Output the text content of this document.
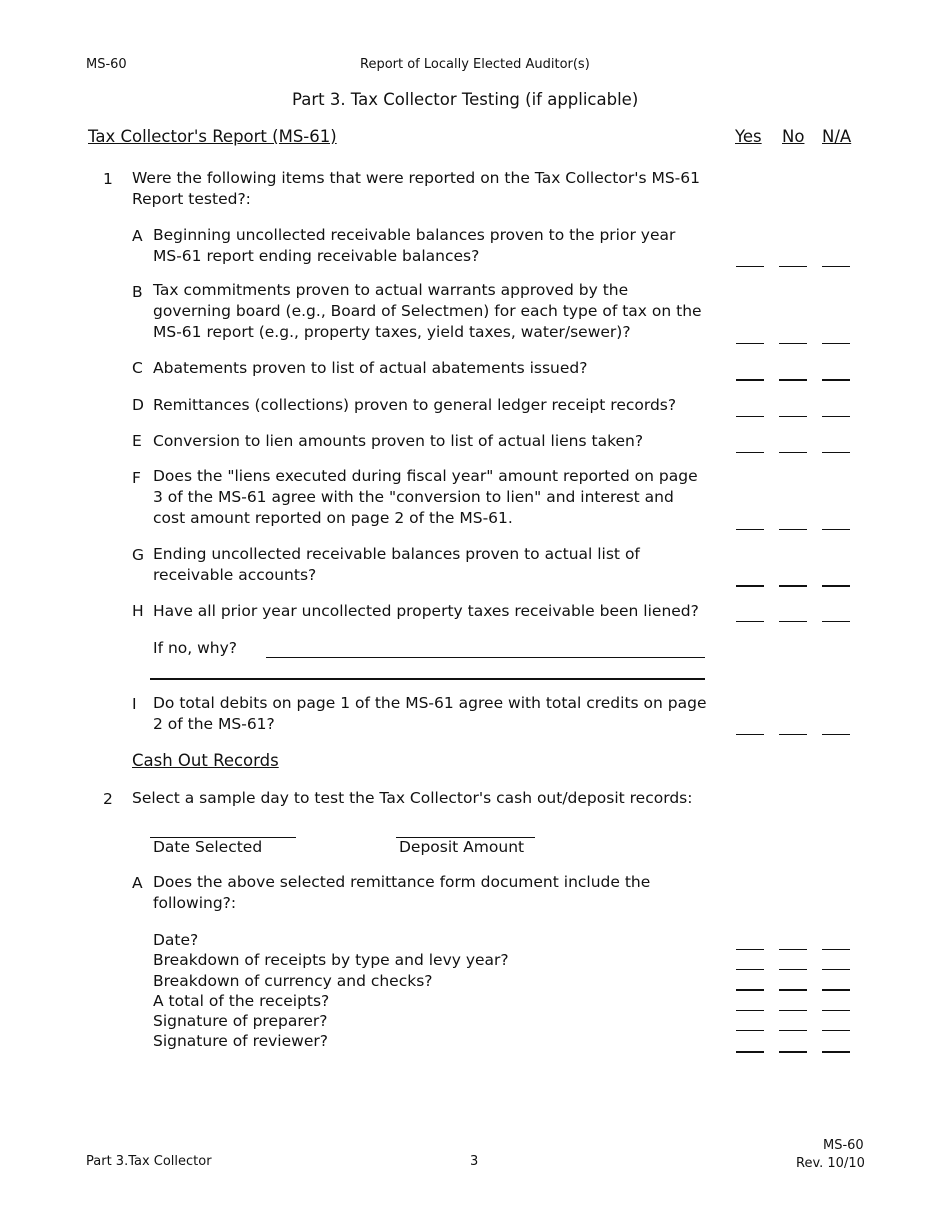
MS-60	Report of Locally Elected Auditor(s)
Part 3. Tax Collector Testing (if applicable)
Tax Collector's Report (MS-61)	Yes No N/A
1 Were the following items that were reported on the Tax Collector's MS-61 Report tested?:
A Beginning uncollected receivable balances proven to the prior year MS-61 report ending receivable balances?
B Tax commitments proven to actual warrants approved by the governing board (e.g., Board of Selectmen) for each type of tax on the MS-61 report (e.g., property taxes, yield taxes, water/sewer)?
C Abatements proven to list of actual abatements issued?
D Remittances (collections) proven to general ledger receipt records?
E Conversion to lien amounts proven to list of actual liens taken?
F Does the "liens executed during fiscal year" amount reported on page 3 of the MS-61 agree with the "conversion to lien" and interest and cost amount reported on page 2 of the MS-61.
G Ending uncollected receivable balances proven to actual list of receivable accounts?
H Have all prior year uncollected property taxes receivable been liened?
If no, why?
I	Do total debits on page 1 of the MS-61 agree with total credits on page 2 of the MS-61?
Cash Out Records
2 Select a sample day to test the Tax Collector's cash out/deposit records:
Date Selected	Deposit Amount
A Does the above selected remittance form document include the following?:
Date?
Breakdown of receipts by type and levy year?
Breakdown of currency and checks?
A total of the receipts?
Signature of preparer?
Signature of reviewer?
Part 3.Tax Collector	3
MS-60
Rev. 10/10
